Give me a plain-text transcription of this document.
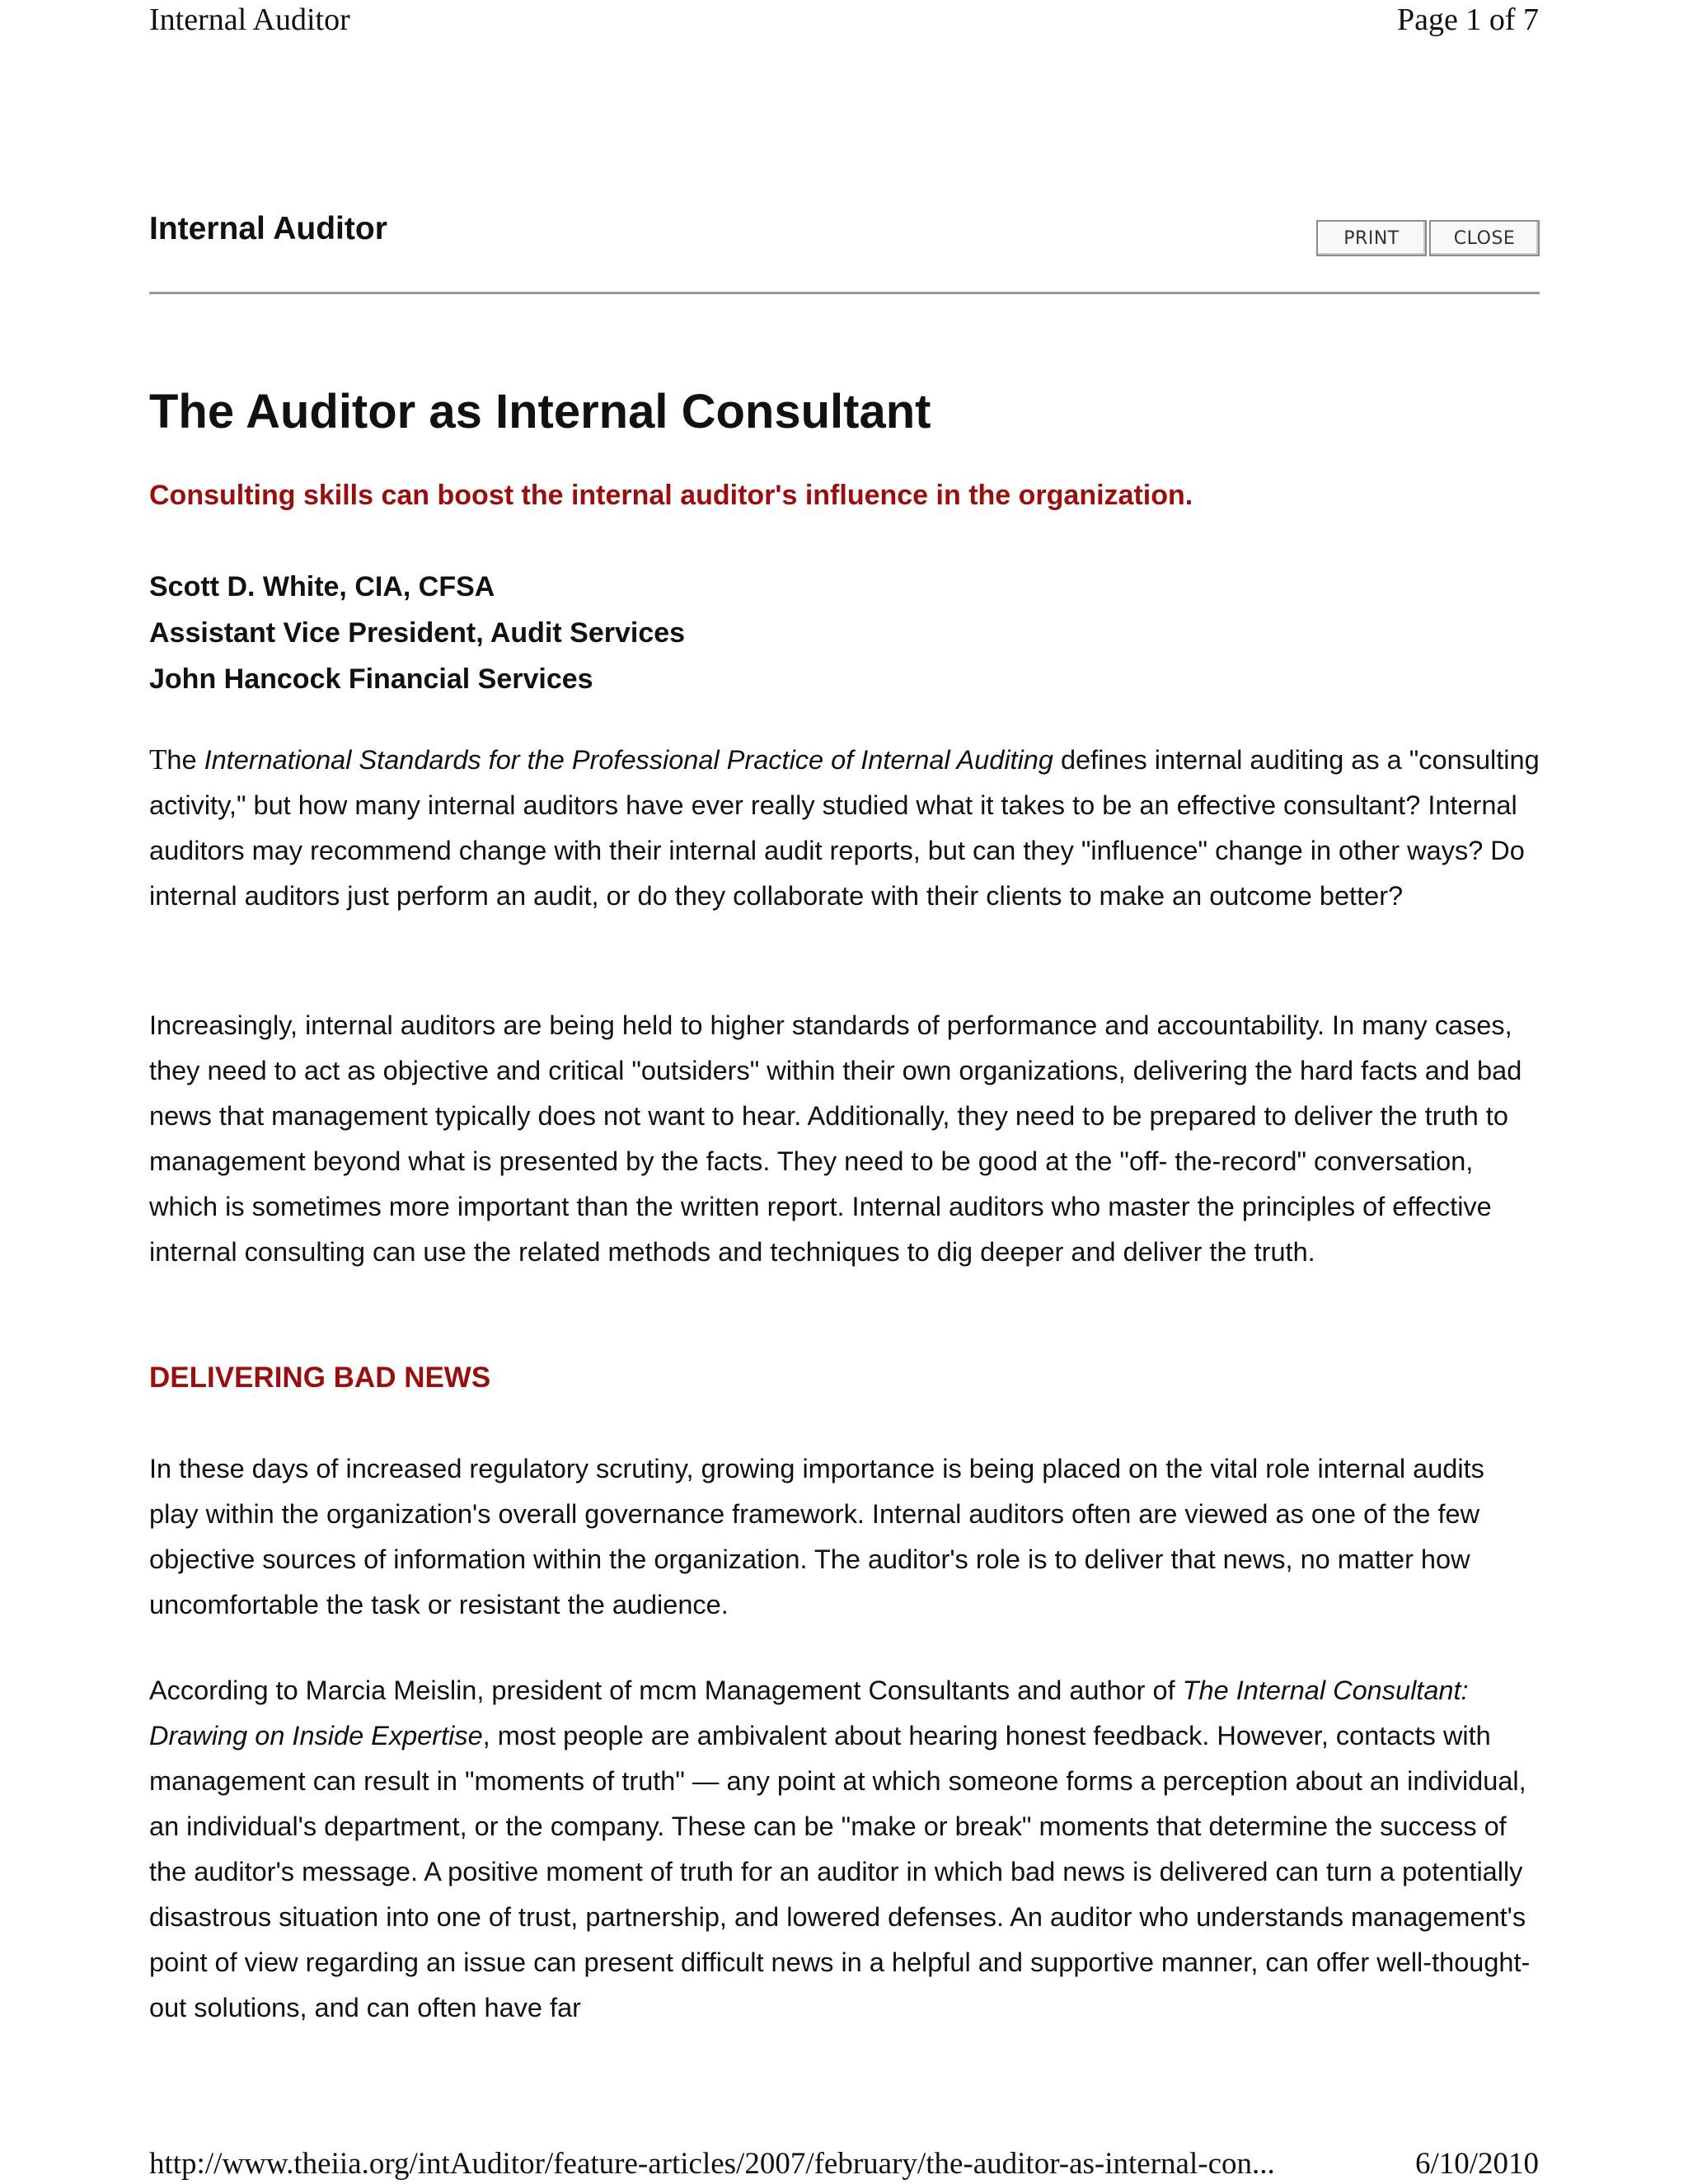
Internal Auditor	Page 1 of 7
Internal Auditor	PRINT	CLOSE
The Auditor as Internal Consultant
Consulting skills can boost the internal auditor's influence in the organization.
Scott D. White, CIA, CFSA
Assistant Vice President, Audit Services
John Hancock Financial Services

The International Standards for the Professional Practice of Internal Auditing defines internal auditing as a "consulting activity," but how many internal auditors have ever really studied what it takes to be an effective consultant? Internal auditors may recommend change with their internal audit reports, but can they "influence" change in other ways? Do internal auditors just perform an audit, or do they collaborate with their clients to make an outcome better?

Increasingly, internal auditors are being held to higher standards of performance and accountability. In many cases, they need to act as objective and critical "outsiders" within their own organizations, delivering the hard facts and bad news that management typically does not want to hear. Additionally, they need to be prepared to deliver the truth to management beyond what is presented by the facts. They need to be good at the "off- the-record" conversation, which is sometimes more important than the written report. Internal auditors who master the principles of effective internal consulting can use the related methods and techniques to dig deeper and deliver the truth.

DELIVERING BAD NEWS

In these days of increased regulatory scrutiny, growing importance is being placed on the vital role internal audits play within the organization's overall governance framework. Internal auditors often are viewed as one of the few objective sources of information within the organization. The auditor's role is to deliver that news, no matter how uncomfortable the task or resistant the audience.

According to Marcia Meislin, president of mcm Management Consultants and author of The Internal Consultant: Drawing on Inside Expertise, most people are ambivalent about hearing honest feedback. However, contacts with management can result in "moments of truth" — any point at which someone forms a perception about an individual, an individual's department, or the company. These can be "make or break" moments that determine the success of the auditor's message. A positive moment of truth for an auditor in which bad news is delivered can turn a potentially disastrous situation into one of trust, partnership, and lowered defenses. An auditor who understands management's point of view regarding an issue can present difficult news in a helpful and supportive manner, can offer well-thought-out solutions, and can often have far

http://www.theiia.org/intAuditor/feature-articles/2007/february/the-auditor-as-internal-con...	6/10/2010
